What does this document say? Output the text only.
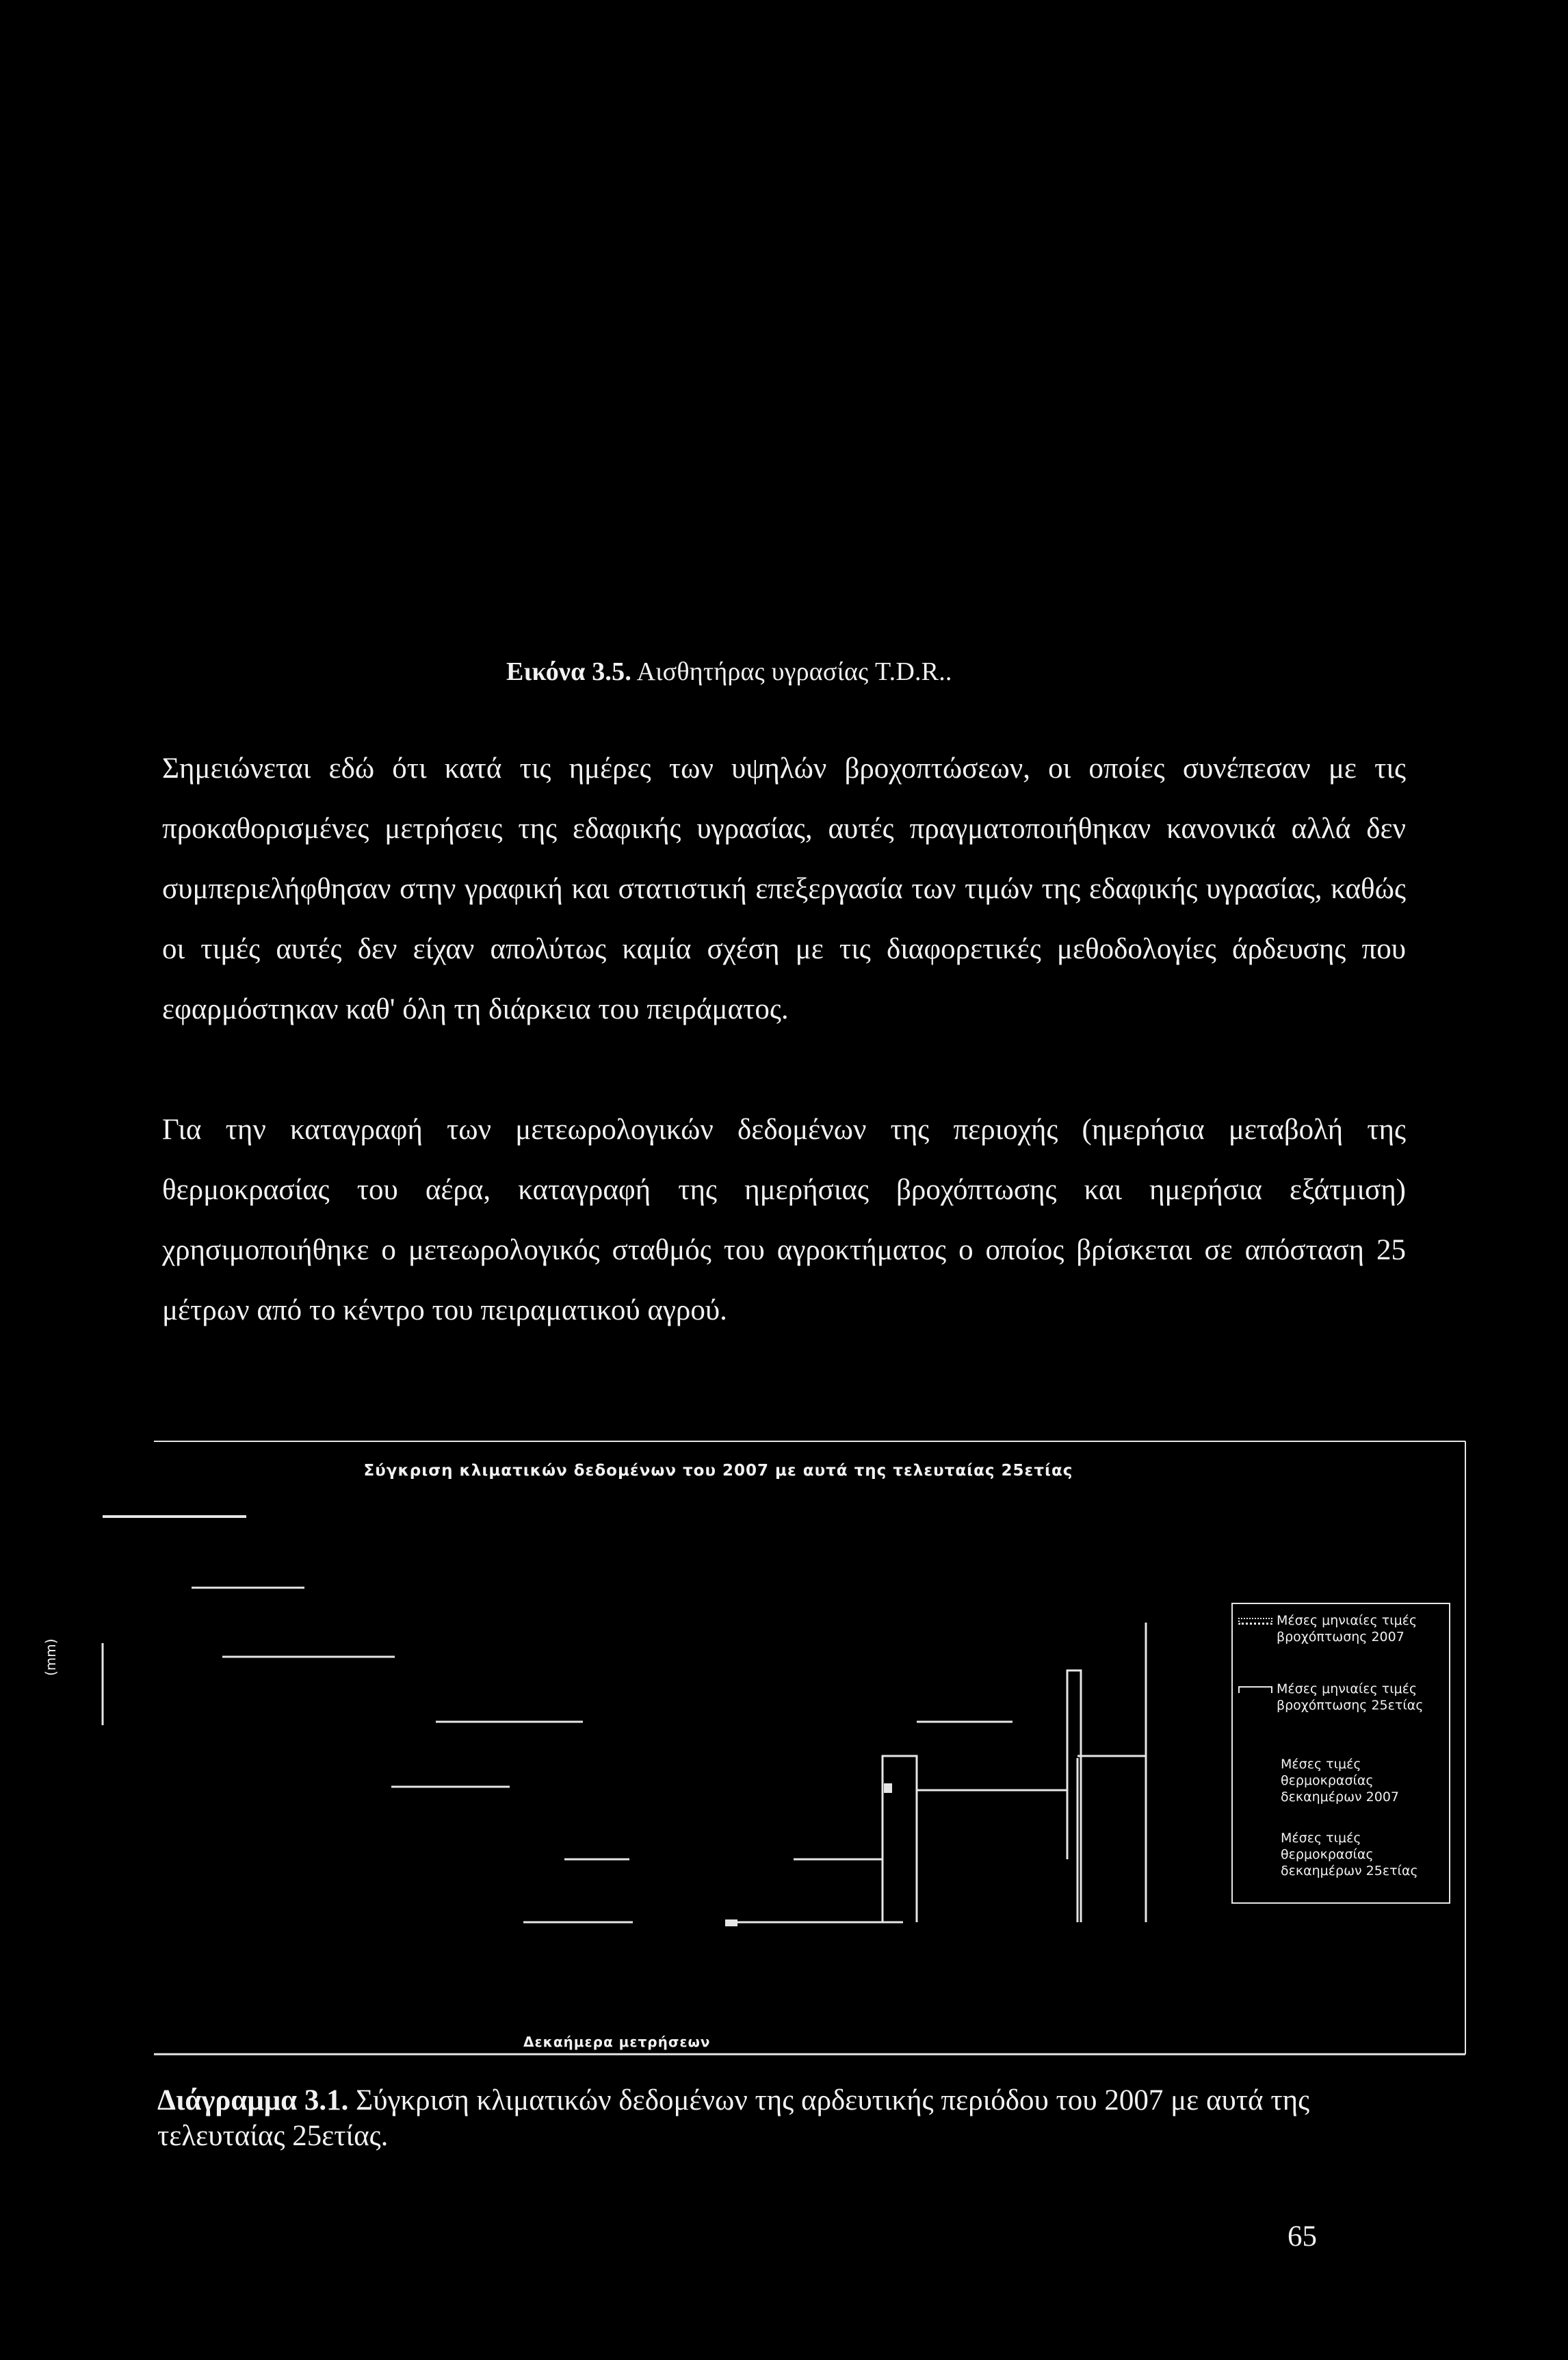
Εικόνα 3.5. Αισθητήρας υγρασίας T.D.R..
Σημειώνεται εδώ ότι κατά τις ημέρες των υψηλών βροχοπτώσεων, οι οποίες συνέπεσαν με τις προκαθορισμένες μετρήσεις της εδαφικής υγρασίας, αυτές πραγματοποιήθηκαν κανονικά αλλά δεν συμπεριελήφθησαν στην γραφική και στατιστική επεξεργασία των τιμών της εδαφικής υγρασίας, καθώς οι τιμές αυτές δεν είχαν απολύτως καμία σχέση με τις διαφορετικές μεθοδολογίες άρδευσης που εφαρμόστηκαν καθ' όλη τη διάρκεια του πειράματος.
Για την καταγραφή των μετεωρολογικών δεδομένων της περιοχής (ημερήσια μεταβολή της θερμοκρασίας του αέρα, καταγραφή της ημερήσιας βροχόπτωσης και ημερήσια εξάτμιση) χρησιμοποιήθηκε ο μετεωρολογικός σταθμός του αγροκτήματος ο οποίος βρίσκεται σε απόσταση 25 μέτρων από το κέντρο του πειραματικού αγρού.
Σύγκριση κλιματικών δεδομένων του 2007 με αυτά της τελευταίας 25ετίας
(mm)
Δεκαήμερα μετρήσεων
Μέσες μηνιαίες τιμές βροχόπτωσης 2007
Μέσες μηνιαίες τιμές βροχόπτωσης 25ετίας
Μέσες τιμές θερμοκρασίας δεκαημέρων 2007
Μέσες τιμές θερμοκρασίας δεκαημέρων 25ετίας
Διάγραμμα 3.1. Σύγκριση κλιματικών δεδομένων της αρδευτικής περιόδου του 2007 με αυτά της τελευταίας 25ετίας.
65
